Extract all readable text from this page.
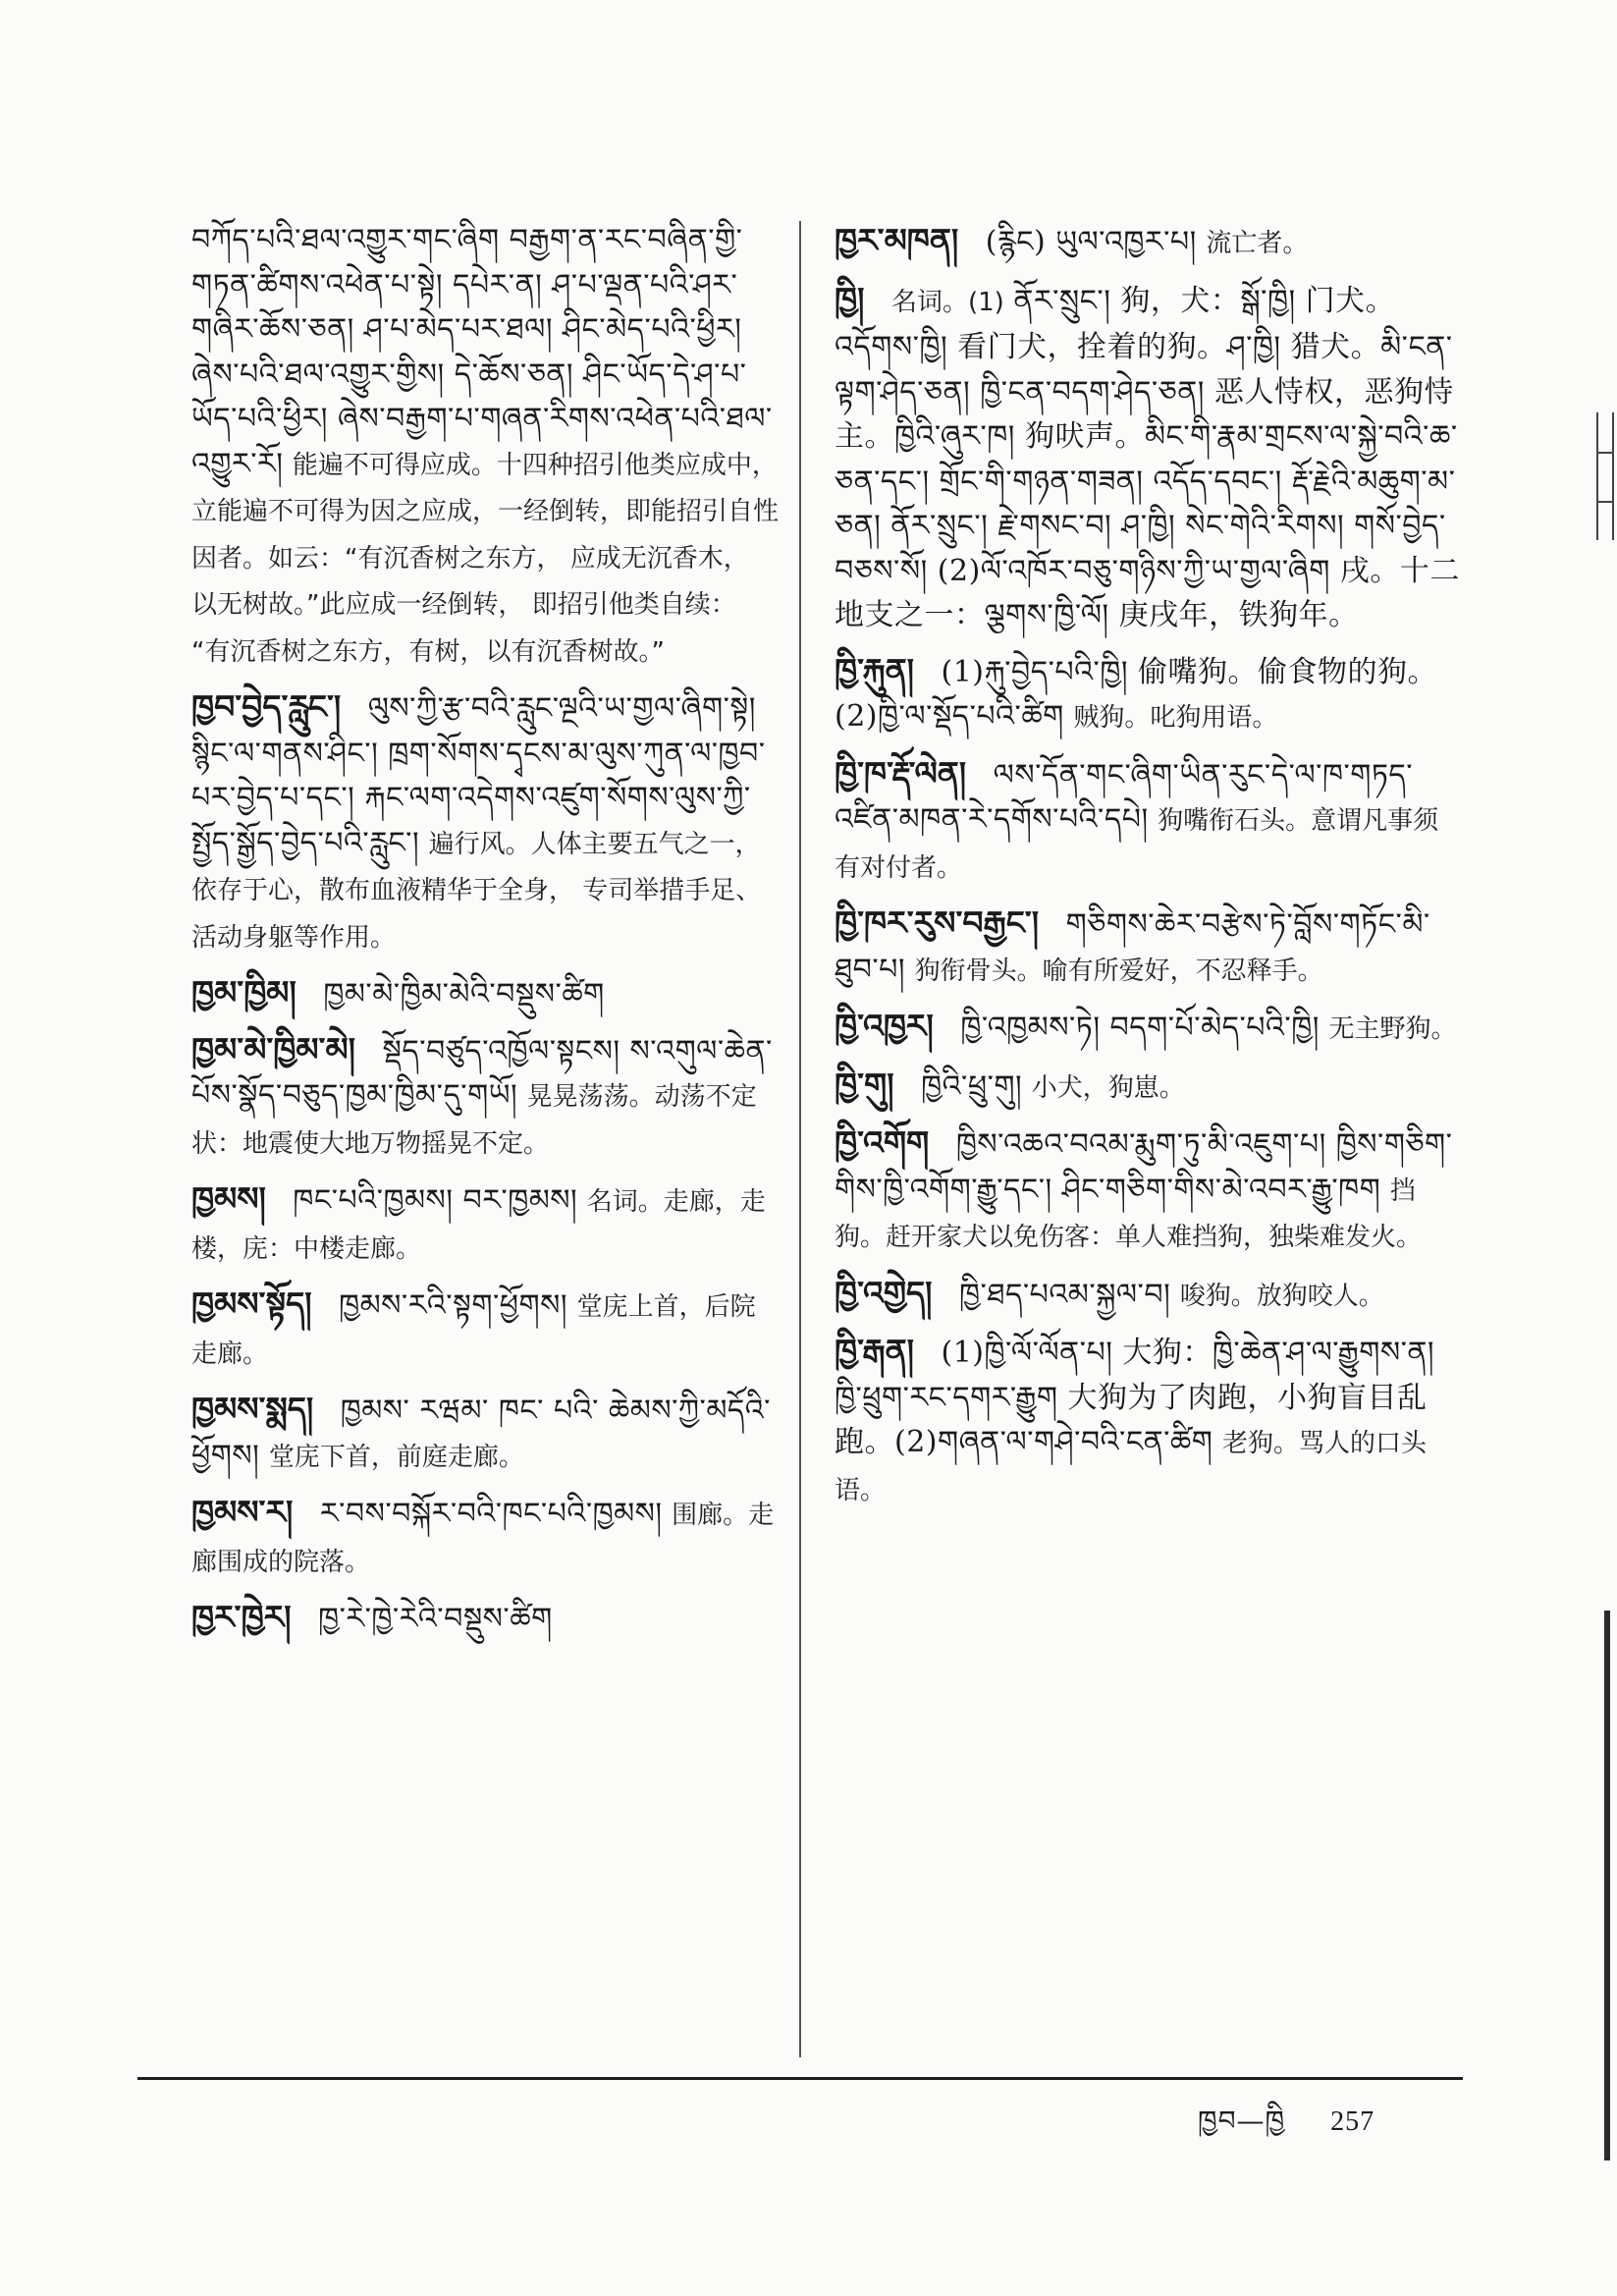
བཀོད་པའི་ཐལ་འགྱུར་གང་ཞིག བརྒྱག་ན་རང་བཞིན་གྱི་གཏན་ཚིགས་འཕེན་པ་སྟེ། དཔེར་ན། ཤ་པ་ལྡན་པའི་ཤར་གཞིར་ཆོས་ཅན། ཤ་པ་མེད་པར་ཐལ། ཤིང་མེད་པའི་ཕྱིར། ཞེས་པའི་ཐལ་འགྱུར་གྱིས། དེ་ཆོས་ཅན། ཤིང་ཡོད་དེ་ཤ་པ་ཡོད་པའི་ཕྱིར། ཞེས་བརྒྱག་པ་གཞན་རིགས་འཕེན་པའི་ཐལ་འགྱུར་རོ། 能遍不可得应成。十四种招引他类应成中， 立能遍不可得为因之应成，一经倒转，即能招引自性因者。如云：“有沉香树之东方， 应成无沉香木， 以无树故。”此应成一经倒转， 即招引他类自续： “有沉香树之东方，有树，以有沉香树故。”

ཁྱབ་བྱེད་རླུང་། ལུས་ཀྱི་རྩ་བའི་རླུང་ལྔའི་ཡ་གྱལ་ཞིག་སྟེ། སྙིང་ལ་གནས་ཤིང་། ཁྲག་སོགས་དྭངས་མ་ལུས་ཀུན་ལ་ཁྱབ་པར་བྱེད་པ་དང་། རྐང་ལག་འདེགས་འཛུག་སོགས་ལུས་ཀྱི་སྤྱོད་སྒྱོད་བྱེད་པའི་རླུང་། 遍行风。人体主要五气之一，依存于心，散布血液精华于全身， 专司举措手足、活动身躯等作用。

ཁྱམ་ཁྱིམ། ཁྱམ་མེ་ཁྱིམ་མེའི་བསྡུས་ཚིག

ཁྱམ་མེ་ཁྱིམ་མེ། སྡོད་བཙུད་འཁྱོལ་སྟངས། ས་འགུལ་ཆེན་པོས་སྣོད་བཅུད་ཁྱམ་ཁྱིམ་དུ་གཡོ། 晃晃荡荡。动荡不定状：地震使大地万物摇晃不定。

ཁྱམས། ཁང་པའི་ཁྱམས། བར་ཁྱམས། 名词。走廊，走楼，庑：中楼走廊。

ཁྱམས་སྟོད། ཁྱམས་རའི་སྟག་ཕྱོགས། 堂庑上首，后院走廊。

ཁྱམས་སྨད། ཁྱམས་ རཝམ་ ཁང་ པའི་ ཆེམས་ཀྱི་མདོའི་ཕྱོགས། 堂庑下首，前庭走廊。

ཁྱམས་ར། ར་བས་བསྐོར་བའི་ཁང་པའི་ཁྱམས། 围廊。走廊围成的院落。

ཁྱར་ཁྱེར། ཁྱ་རེ་ཁྱེ་རེའི་བསྡུས་ཚིག

ཁྱར་མཁན། (རྙིང) ཡུལ་འཁྱར་པ། 流亡者。

ཁྱི། 名词。(1) ནོར་སྲུང་། 狗，犬：སྒོ་ཁྱི། 门犬。འདོགས་ཁྱི། 看门犬，拴着的狗。ཤ་ཁྱི། 猎犬。མི་ངན་ལྟག་ཤེད་ཅན། ཁྱི་ངན་བདག་ཤེད་ཅན། 恶人恃权，恶狗恃主。ཁྱིའི་ཞུར་ཁ། 狗吠声。མིང་གི་རྣམ་གྲངས་ལ་སྐྱེ་བའི་ཆ་ཅན་དང་། གྲོང་གི་གཉན་གཟན། འདོད་དབང་། རྡོ་རྗེའི་མཆུག་མ་ཅན། ནོར་སྲུང་། རྗེ་གསང་བ། ཤ་ཁྱི། སེང་གེའི་རིགས། གསོ་བྱེད་བཅས་སོ། (2)ལོ་འཁོར་བཅུ་གཉིས་ཀྱི་ཡ་གྱལ་ཞིག 戌。十二地支之一：ལྕགས་ཁྱི་ལོ། 庚戌年，铁狗年。

ཁྱི་རྐུན། (1)རྐུ་བྱེད་པའི་ཁྱི། 偷嘴狗。偷食物的狗。(2)ཁྱི་ལ་སྡོད་པའི་ཚིག 贼狗。叱狗用语。

ཁྱི་ཁ་རྡོ་ལེན། ལས་དོན་གང་ཞིག་ཡིན་རུང་དེ་ལ་ཁ་གཏད་འཛིན་མཁན་རེ་དགོས་པའི་དཔེ། 狗嘴衔石头。意谓凡事须有对付者。

ཁྱི་ཁར་རུས་བརྒྱང་། གཅིགས་ཆེར་བརྩེས་ཏེ་བློས་གཏོང་མི་ཐུབ་པ། 狗衔骨头。喻有所爱好，不忍释手。

ཁྱི་འཁྱར། ཁྱི་འཁྱམས་ཏེ། བདག་པོ་མེད་པའི་ཁྱི། 无主野狗。

ཁྱི་གུ། ཁྱིའི་ཕྲུ་གུ། 小犬，狗崽。

ཁྱི་འགོག ཁྱིས་འཆའ་བའམ་རྨུག་ཏུ་མི་འཇུག་པ། ཁྱིས་གཅིག་གིས་ཁྱི་འགོག་རྒྱུ་དང་། ཤིང་གཅིག་གིས་མེ་འབར་རྒྱུ་ཁག 挡狗。赶开家犬以免伤客：单人难挡狗，独柴难发火。

ཁྱི་འགྱེད། ཁྱི་ཐད་པའམ་སྐྱལ་བ། 唆狗。放狗咬人。

ཁྱི་རྒན། (1)ཁྱི་ལོ་ལོན་པ། 大狗：ཁྱི་ཆེན་ཤ་ལ་རྒྱུགས་ན། ཁྱི་ཕྲུག་རང་དགར་རྒྱུག 大狗为了肉跑，小狗盲目乱跑。(2)གཞན་ལ་གཤེ་བའི་ངན་ཚིག 老狗。骂人的口头语。

ཁྱབ—ཁྱི 257
